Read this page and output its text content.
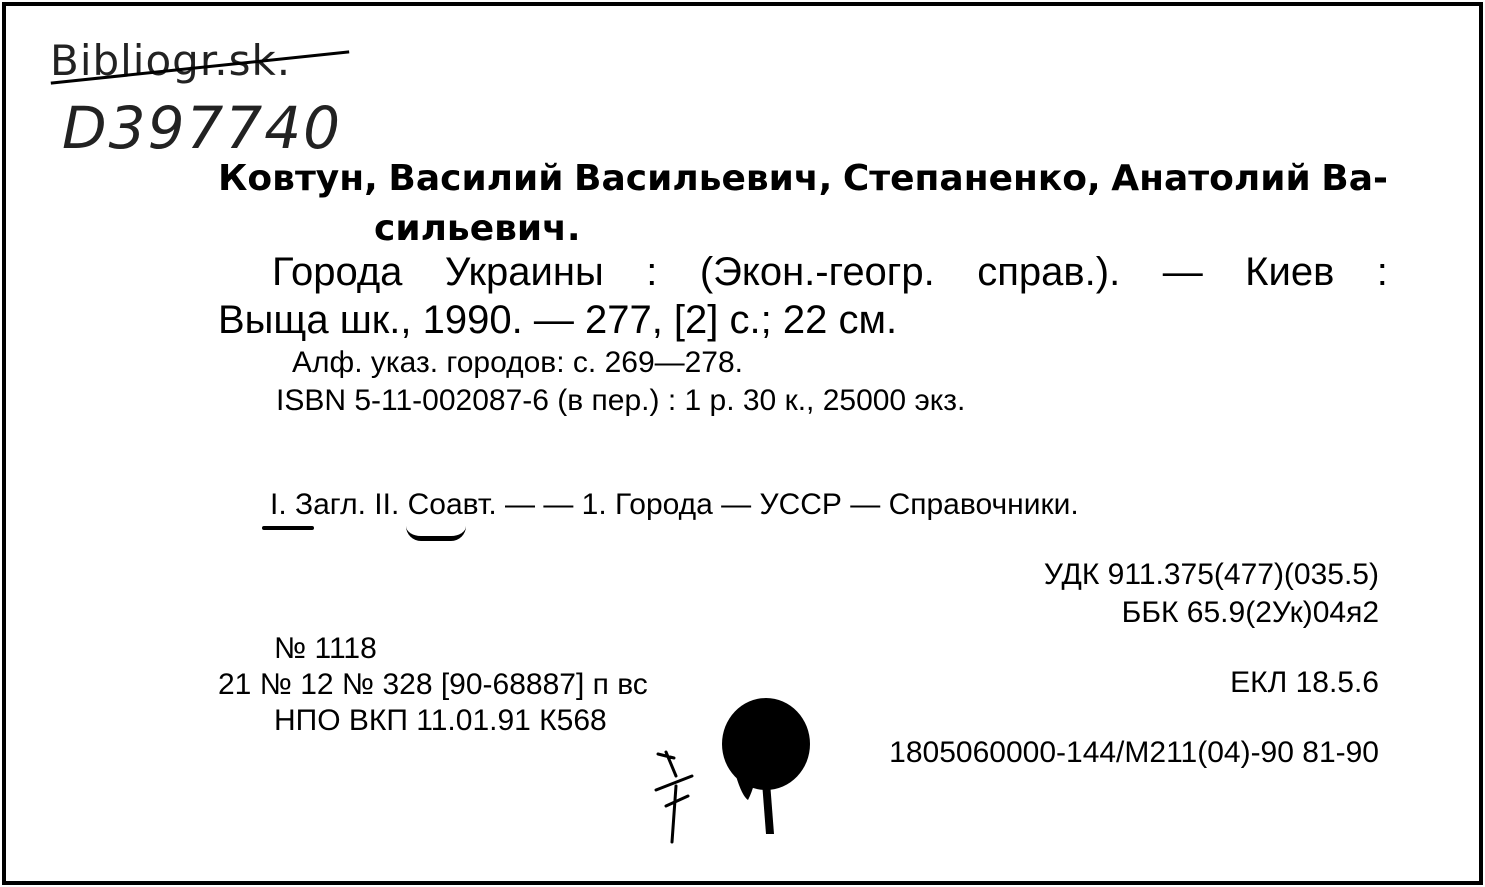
Bibliogr.sk.
D397740
Ковтун, Василий Васильевич, Степаненко, Анатолий Ва-
сильевич.
Города Украины : (Экон.-геогр. справ.). — Киев :
Выща шк., 1990. — 277, [2] с.; 22 см.
Алф. указ. городов: с. 269—278.
ISBN 5-11-002087-6 (в пер.) : 1 р. 30 к., 25000 экз.
I. Загл. II. Соавт. — — 1. Города — УССР — Справочники.
УДК 911.375(477)(035.5)
ББК 65.9(2Ук)04я2
ЕКЛ 18.5.6
1805060000-144/М211(04)-90 81-90
№ 1118
21 № 12 № 328 [90-68887] п вс
НПО ВКП 11.01.91 К568
